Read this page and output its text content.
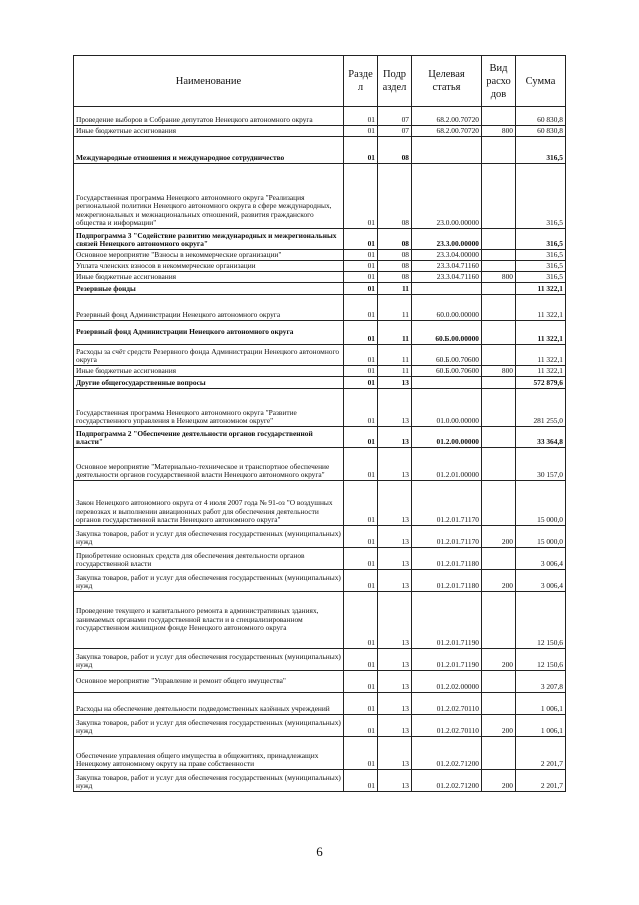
Наименование	Разде л	Подр аздел	Целевая статья	Вид расхо дов	Сумма
Проведение выборов в Собрание депутатов Ненецкого автономного округа	01	07	68.2.00.70720		60 830,8
Иные бюджетные ассигнования	01	07	68.2.00.70720	800	60 830,8
Международные отношения и международное сотрудничество	01	08			316,5
Государственная программа Ненецкого автономного округа "Реализация региональной политики Ненецкого автономного округа в сфере международных, межрегиональных и межнациональных отношений, развития гражданского общества и информации"	01	08	23.0.00.00000		316,5
Подпрограмма 3 "Содействие развитию международных и межрегиональных связей Ненецкого автономного округа"	01	08	23.3.00.00000		316,5
Основное мероприятие "Взносы в некоммерческие организации"	01	08	23.3.04.00000		316,5
Уплата членских взносов в некоммерческие организации	01	08	23.3.04.71160		316,5
Иные бюджетные ассигнования	01	08	23.3.04.71160	800	316,5
Резервные фонды	01	11			11 322,1
Резервный фонд Администрации Ненецкого автономного округа	01	11	60.0.00.00000		11 322,1
Резервный фонд Администрации Ненецкого автономного округа	01	11	60.Б.00.00000		11 322,1
Расходы за счёт средств Резервного фонда Администрации Ненецкого автономного округа	01	11	60.Б.00.70600		11 322,1
Иные бюджетные ассигнования	01	11	60.Б.00.70600	800	11 322,1
Другие общегосударственные вопросы	01	13			572 879,6
Государственная программа Ненецкого автономного округа "Развитие государственного управления в Ненецком автономном округе"	01	13	01.0.00.00000		281 255,0
Подпрограмма 2 "Обеспечение деятельности органов государственной власти"	01	13	01.2.00.00000		33 364,8
Основное мероприятие "Материально-техническое и транспортное обеспечение деятельности органов государственной власти Ненецкого автономного округа"	01	13	01.2.01.00000		30 157,0
Закон Ненецкого автономного округа от 4 июля 2007 года № 91-оз "О воздушных перевозках и выполнении авиационных работ для обеспечения деятельности органов государственной власти Ненецкого автономного округа"	01	13	01.2.01.71170		15 000,0
Закупка товаров, работ и услуг для обеспечения государственных (муниципальных) нужд	01	13	01.2.01.71170	200	15 000,0
Приобретение основных средств для обеспечения деятельности органов государственной власти	01	13	01.2.01.71180		3 006,4
Закупка товаров, работ и услуг для обеспечения государственных (муниципальных) нужд	01	13	01.2.01.71180	200	3 006,4
Проведение текущего и капитального ремонта в административных зданиях, занимаемых органами государственной власти и в специализированном государственном жилищном фонде Ненецкого автономного округа	01	13	01.2.01.71190		12 150,6
Закупка товаров, работ и услуг для обеспечения государственных (муниципальных) нужд	01	13	01.2.01.71190	200	12 150,6
Основное мероприятие "Управление и ремонт общего имущества"	01	13	01.2.02.00000		3 207,8
Расходы на обеспечение деятельности подведомственных казённых учреждений	01	13	01.2.02.70110		1 006,1
Закупка товаров, работ и услуг для обеспечения государственных (муниципальных) нужд	01	13	01.2.02.70110	200	1 006,1
Обеспечение управления общего имущества в общежитиях, принадлежащих Ненецкому автономному округу на праве собственности	01	13	01.2.02.71200		2 201,7
Закупка товаров, работ и услуг для обеспечения государственных (муниципальных) нужд	01	13	01.2.02.71200	200	2 201,7
6
